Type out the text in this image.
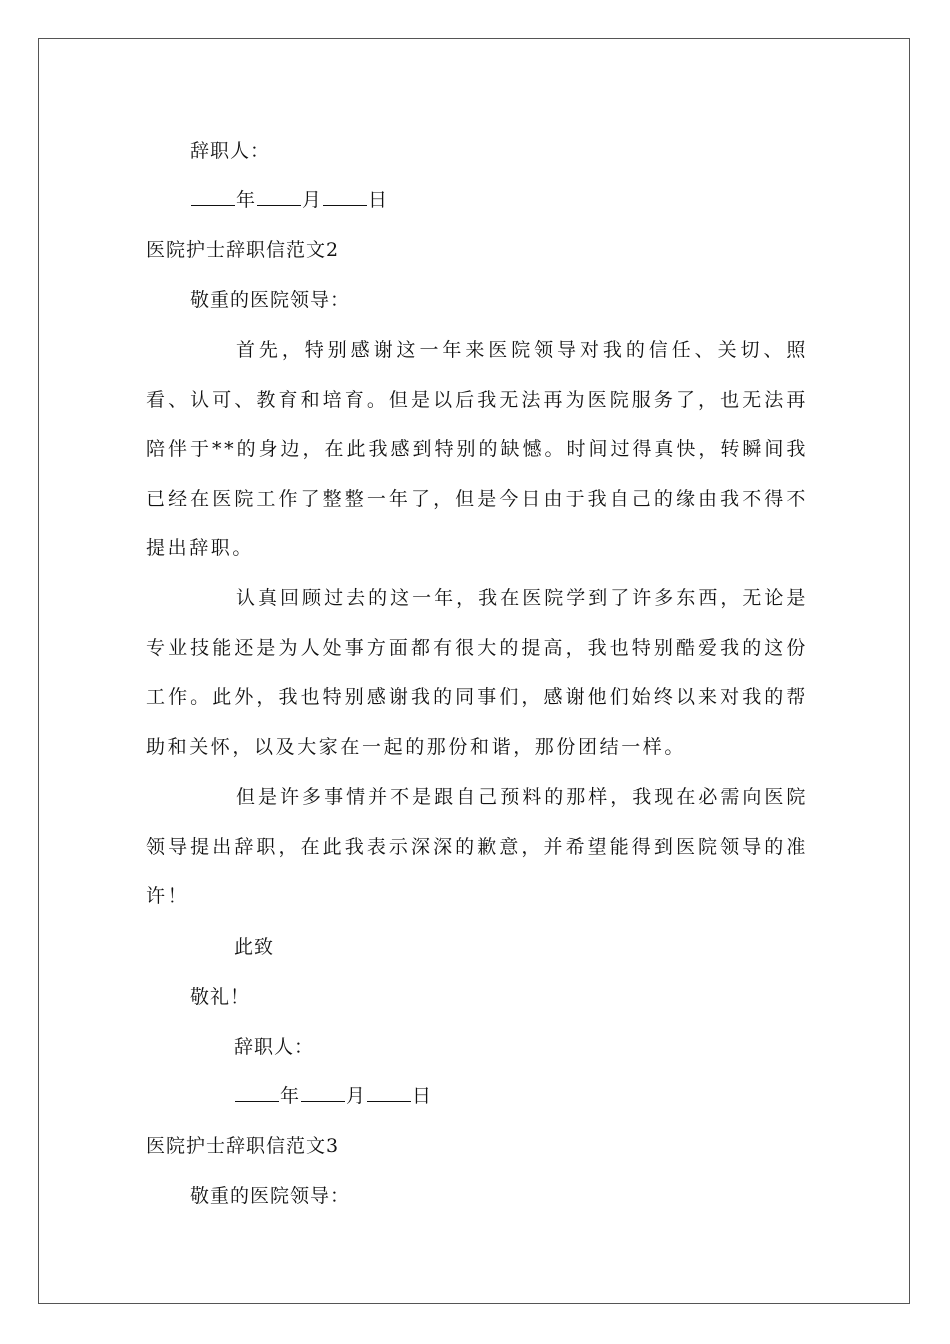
辞职人：
年 月 日
医院护士辞职信范文2
敬重的医院领导：
首先，特别感谢这一年来医院领导对我的信任、关切、照看、认可、教育和培育。但是以后我无法再为医院服务了，也无法再陪伴于**的身边，在此我感到特别的缺憾。时间过得真快，转瞬间我已经在医院工作了整整一年了，但是今日由于我自己的缘由我不得不提出辞职。
认真回顾过去的这一年，我在医院学到了许多东西，无论是专业技能还是为人处事方面都有很大的提高，我也特别酷爱我的这份工作。此外，我也特别感谢我的同事们，感谢他们始终以来对我的帮助和关怀，以及大家在一起的那份和谐，那份团结一样。
但是许多事情并不是跟自己预料的那样，我现在必需向医院领导提出辞职，在此我表示深深的歉意，并希望能得到医院领导的准许！
此致
敬礼！
辞职人：
年 月 日
医院护士辞职信范文3
敬重的医院领导：
